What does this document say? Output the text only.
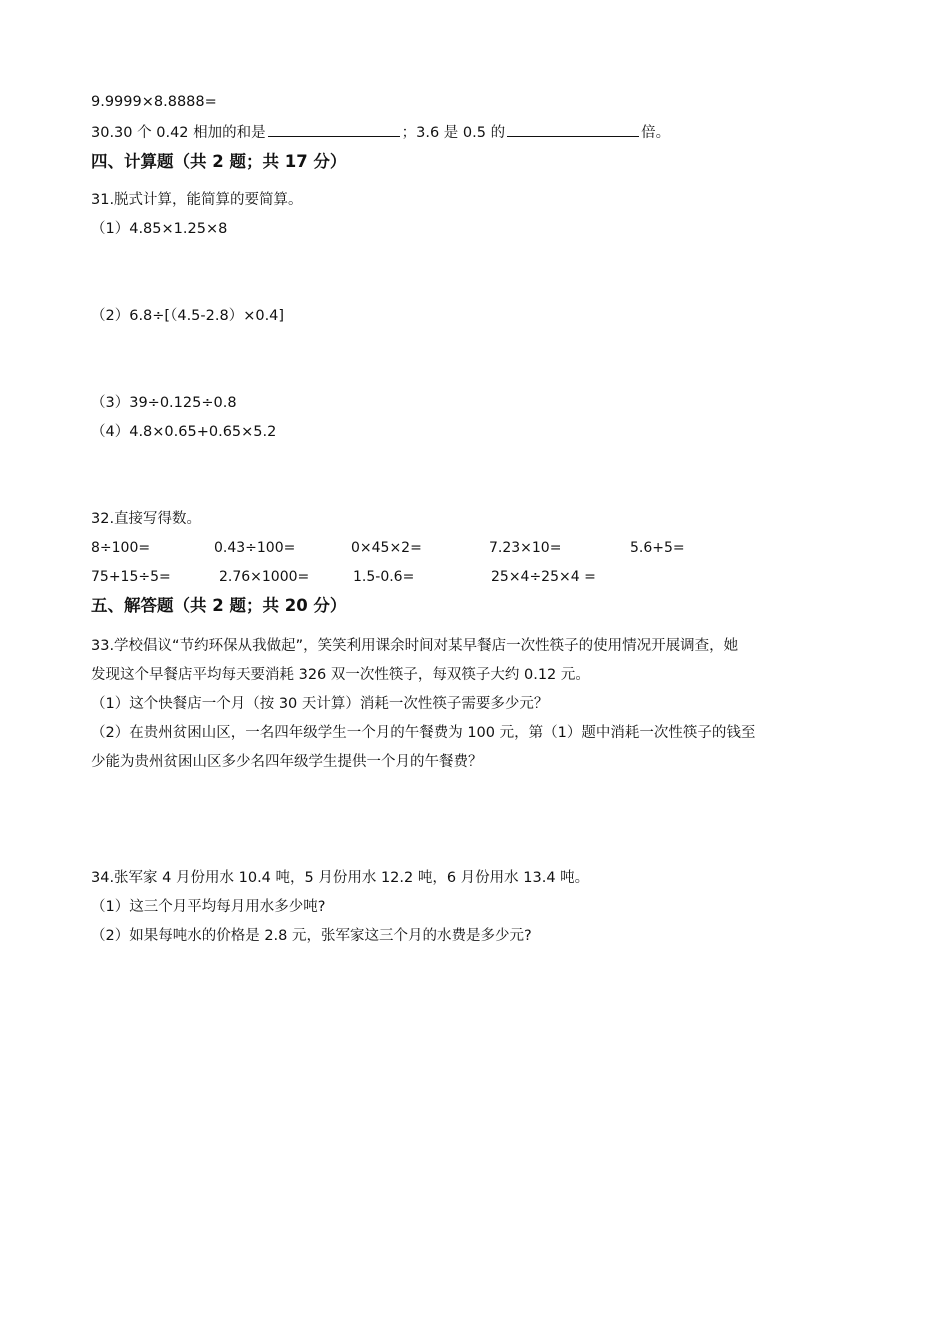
9.9999×8.8888=
30.30 个 0.42 相加的和是	；3.6 是 0.5 的	倍。
四、计算题（共 2 题；共 17 分）
31.脱式计算，能简算的要简算。
（1）4.85×1.25×8
（2）6.8÷[（4.5-2.8）×0.4]
（3）39÷0.125÷0.8
（4）4.8×0.65+0.65×5.2
32.直接写得数。
8÷100=	0.43÷100=	0×45×2=	7.23×10=	5.6+5=
75+15÷5=	2.76×1000=	1.5-0.6=	25×4÷25×4 =
五、解答题（共 2 题；共 20 分）
33.学校倡议“节约环保从我做起”，笑笑利用课余时间对某早餐店一次性筷子的使用情况开展调查，她
发现这个早餐店平均每天要消耗 326 双一次性筷子，每双筷子大约 0.12 元。
（1）这个快餐店一个月（按 30 天计算）消耗一次性筷子需要多少元？
（2）在贵州贫困山区，一名四年级学生一个月的午餐费为 100 元，第（1）题中消耗一次性筷子的钱至
少能为贵州贫困山区多少名四年级学生提供一个月的午餐费？
34.张军家 4 月份用水 10.4 吨，5 月份用水 12.2 吨，6 月份用水 13.4 吨。
（1）这三个月平均每月用水多少吨?
（2）如果每吨水的价格是 2.8 元，张军家这三个月的水费是多少元?
